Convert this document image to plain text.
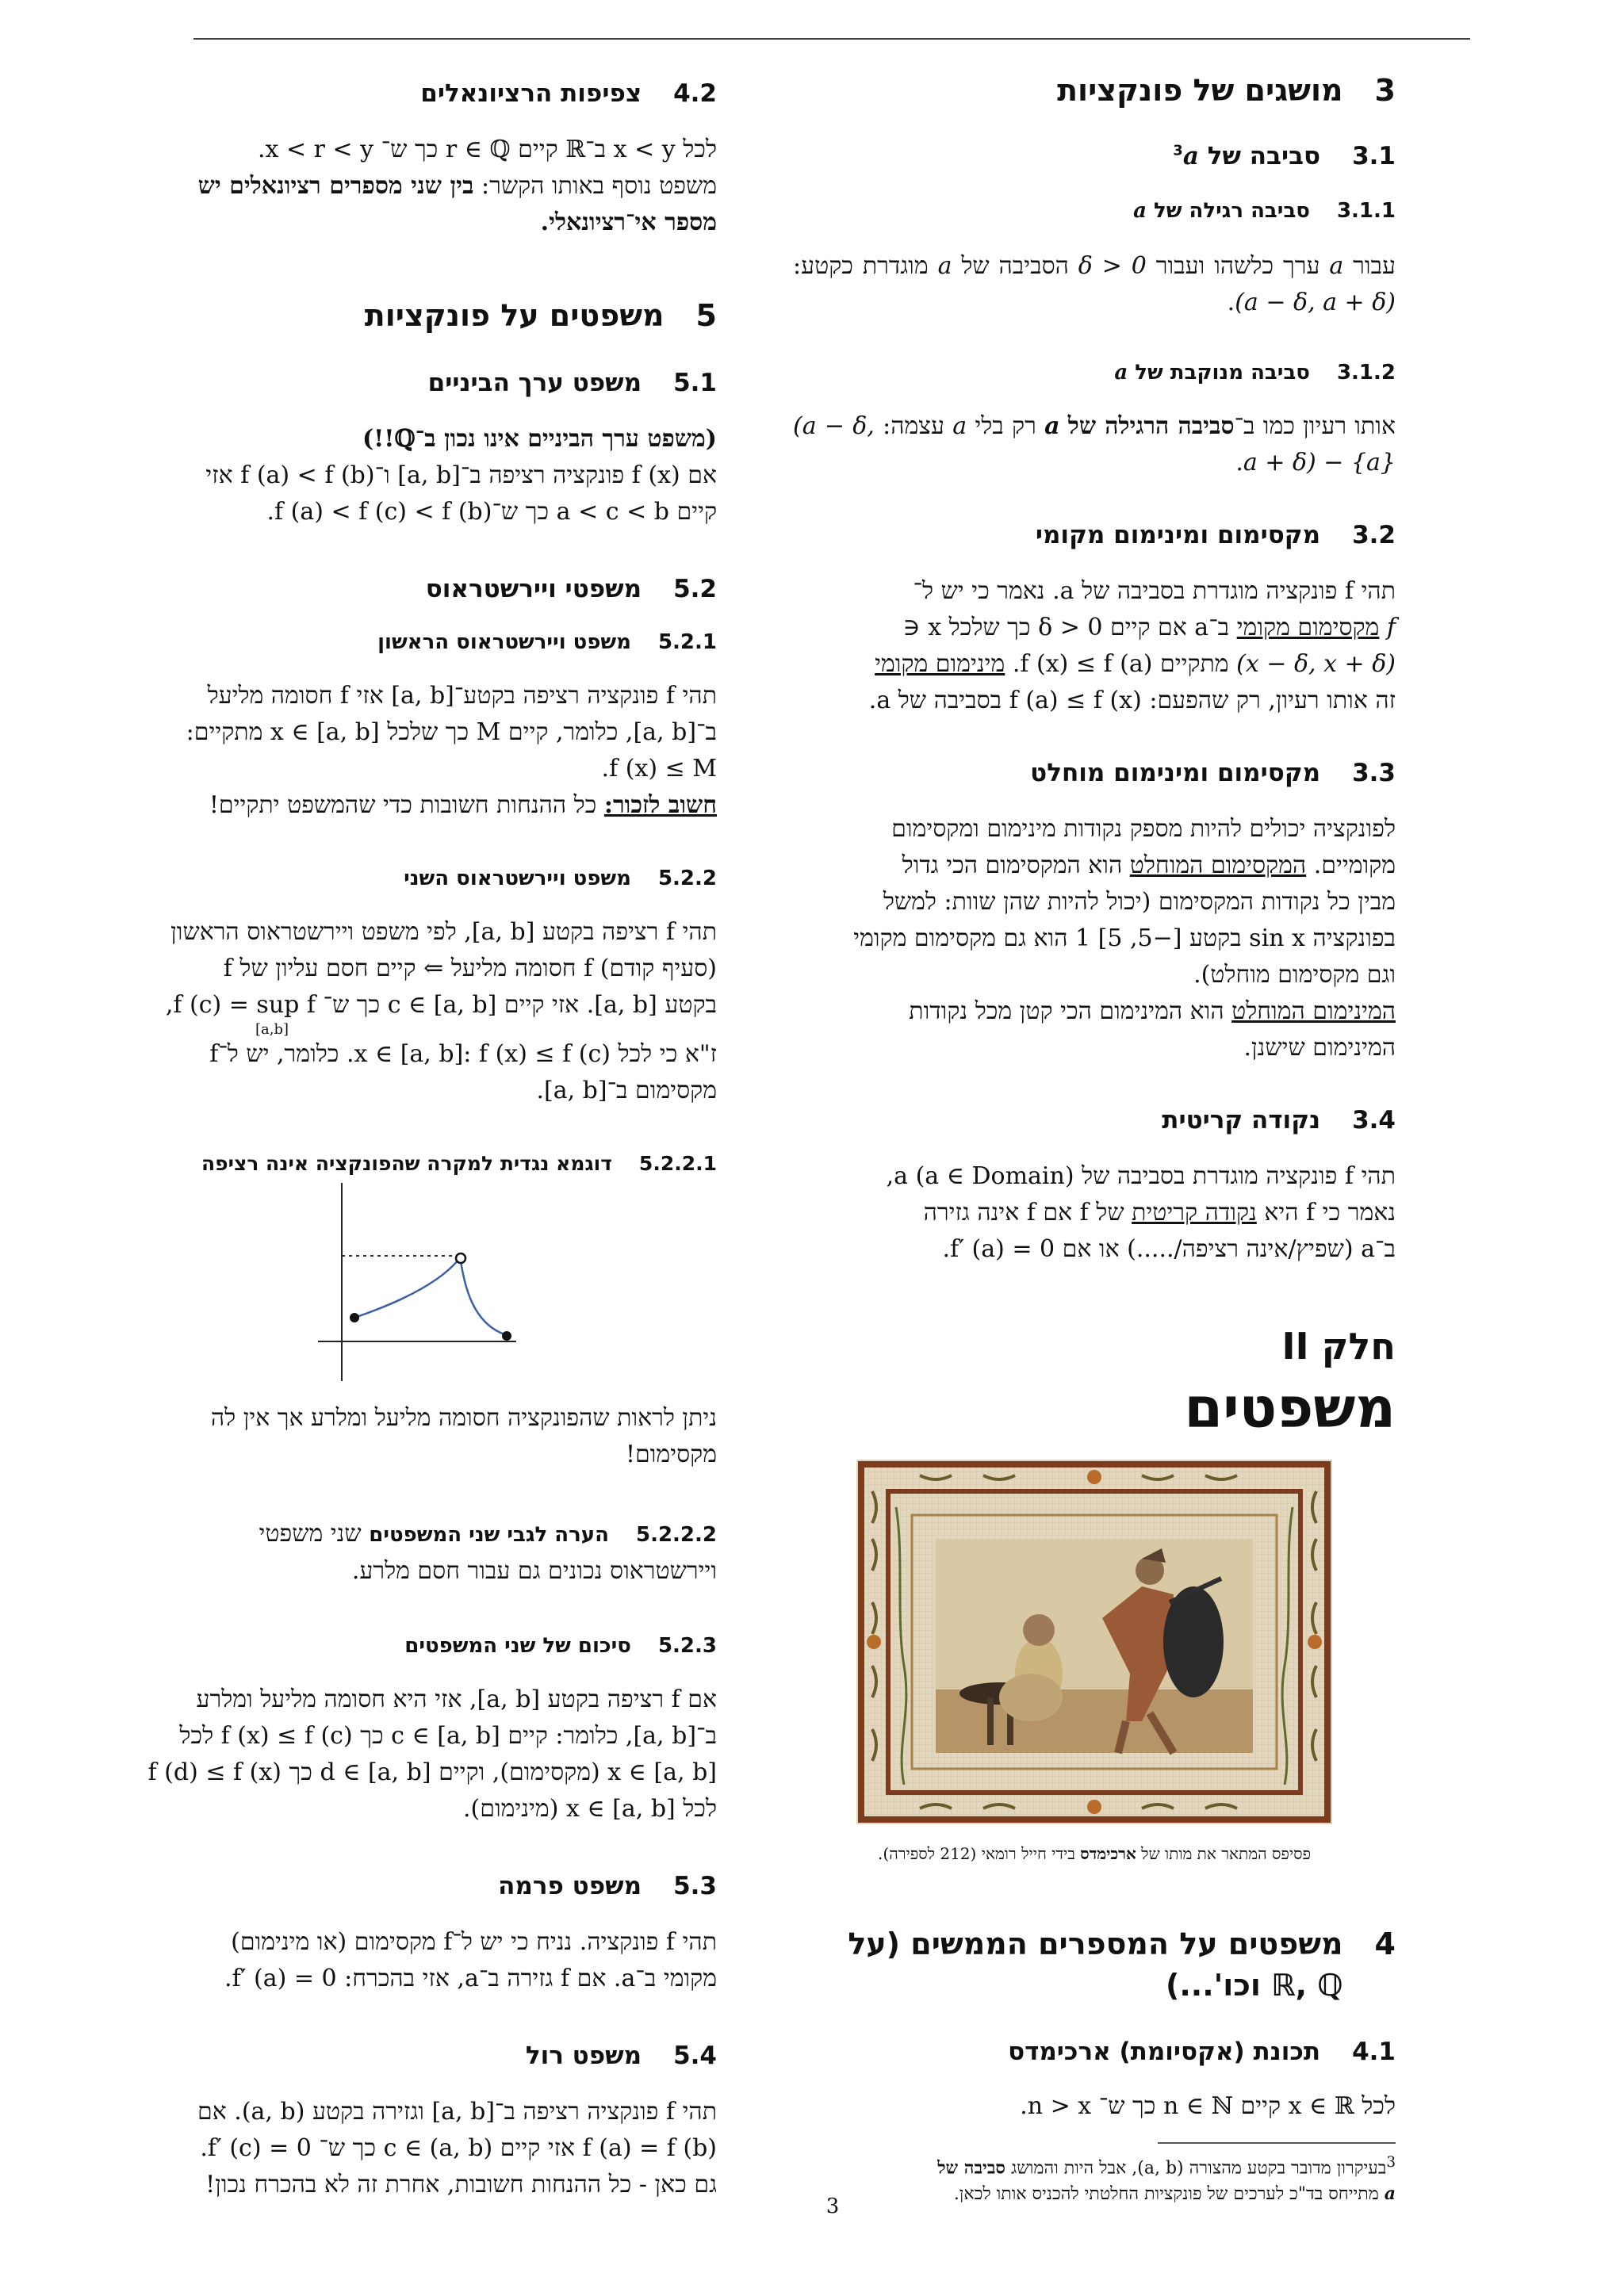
3
מושגים של פונקציות
3.1
סביבה של $a^3$
3.1.1
סביבה רגילה של a

עבור a ערך כלשהו ועבור δ > 0 הסביבה של a מוגדרת כקטע: (a − δ, a + δ).

3.1.2
סביבה מנוקבת של a

אותו רעיון כמו ב־סביבה הרגילה של a רק בלי a עצמה: (a − δ, a + δ) − {a}.

3.2
מקסימום ומינימום מקומי

תהי f פונקציה מוגדרת בסביבה של a. נאמר כי יש ל־
f מקסימום מקומי ב־a אם קיים δ > 0 כך שלכל x ∈
(x − δ, x + δ) מתקיים f (x) ≤ f (a). מינימום מקומי
זה אותו רעיון, רק שהפעם: f (a) ≤ f (x) בסביבה של a.

3.3
מקסימום ומינימום מוחלט

לפונקציה יכולים להיות מספק נקודות מינימום ומקסימום
מקומיים. המקסימום המוחלט הוא המקסימום הכי גדול
מבין כל נקודות המקסימום (יכול להיות שהן שוות: למשל
בפונקציה sin x בקטע [−5, 5] 1 הוא גם מקסימום מקומי
וגם מקסימום מוחלט).
המינימום המוחלט הוא המינימום הכי קטן מכל נקודות
המינימום שישנן.

3.4
נקודה קריטית

תהי f פונקציה מוגדרת בסביבה של a (a ∈ Domain),
נאמר כי f היא נקודה קריטית של f אם f אינה גזירה
ב־a (שפיץ/אינה רציפה/.....) או אם f′ (a) = 0.

חלק II
משפטים

פסיפס המתאר את מותו של ארכימדס בידי חייל רומאי (212 לספירה).

4
משפטים על המספרים הממשים (על
ℝ, ℚ וכו'...)
4.1
תכונת (אקסיומת) ארכימדס

לכל x ∈ ℝ קיים n ∈ ℕ כך ש־ n > x.

$^3$בעיקרון מדובר בקטע מהצורה (a, b), אבל היות והמושג סביבה של
a מתייחס בד"כ לערכים של פונקציות החלטתי להכניס אותו לכאן.

4.2
צפיפות הרציונאלים

לכל x < y ב־ℝ קיים r ∈ ℚ כך ש־ x < r < y.
משפט נוסף באותו הקשר: בין שני מספרים רציונאלים יש
מספר אי־רציונאלי.

5
משפטים על פונקציות
5.1
משפט ערך הביניים

(משפט ערך הביניים אינו נכון ב־ℚ!!)
אם f (x) פונקציה רציפה ב־[a, b] ו־f (a) < f (b) אזי
קיים a < c < b כך ש־f (a) < f (c) < f (b).

5.2
משפטי ויירשטראוס
5.2.1
משפט ויירשטראוס הראשון

תהי f פונקציה רציפה בקטע־[a, b] אזי f חסומה מליעל
ב־[a, b], כלומר, קיים M כך שלכל x ∈ [a, b] מתקיים:
f (x) ≤ M.
חשוב לזכור: כל ההנחות חשובות כדי שהמשפט יתקיים!

5.2.2
משפט ויירשטראוס השני

תהי f רציפה בקטע [a, b], לפי משפט ויירשטראוס הראשון
(סעיף קודם) f חסומה מליעל ⇐ קיים חסם עליון של f
בקטע [a, b]. אזי קיים c ∈ [a, b] כך ש־ f (c) = sup f,

[a,b]
ז"א כי לכל x ∈ [a, b]: f (x) ≤ f (c). כלומר, יש ל־f
מקסימום ב־[a, b].

5.2.2.1
דוגמא נגדית למקרה שהפונקציה אינה רציפה

ניתן לראות שהפונקציה חסומה מליעל ומלרע אך אין לה
מקסימום!

5.2.2.2
הערה לגבי שני המשפטים
שני משפטי
ויירשטראוס נכונים גם עבור חסם מלרע.

5.2.3
סיכום של שני המשפטים

אם f רציפה בקטע [a, b], אזי היא חסומה מליעל ומלרע
ב־[a, b], כלומר: קיים c ∈ [a, b] כך f (x) ≤ f (c) לכל
x ∈ [a, b] (מקסימום), וקיים d ∈ [a, b] כך f (d) ≤ f (x)
לכל x ∈ [a, b] (מינימום).

5.3
משפט פרמה

תהי f פונקציה. נניח כי יש ל־f מקסימום (או מינימום)
מקומי ב־a. אם f גזירה ב־a, אזי בהכרח: f′ (a) = 0.

5.4
משפט רול

תהי f פונקציה רציפה ב־[a, b] וגזירה בקטע (a, b). אם
f (a) = f (b) אזי קיים c ∈ (a, b) כך ש־ f′ (c) = 0.
גם כאן - כל ההנחות חשובות, אחרת זה לא בהכרח נכון!

3
